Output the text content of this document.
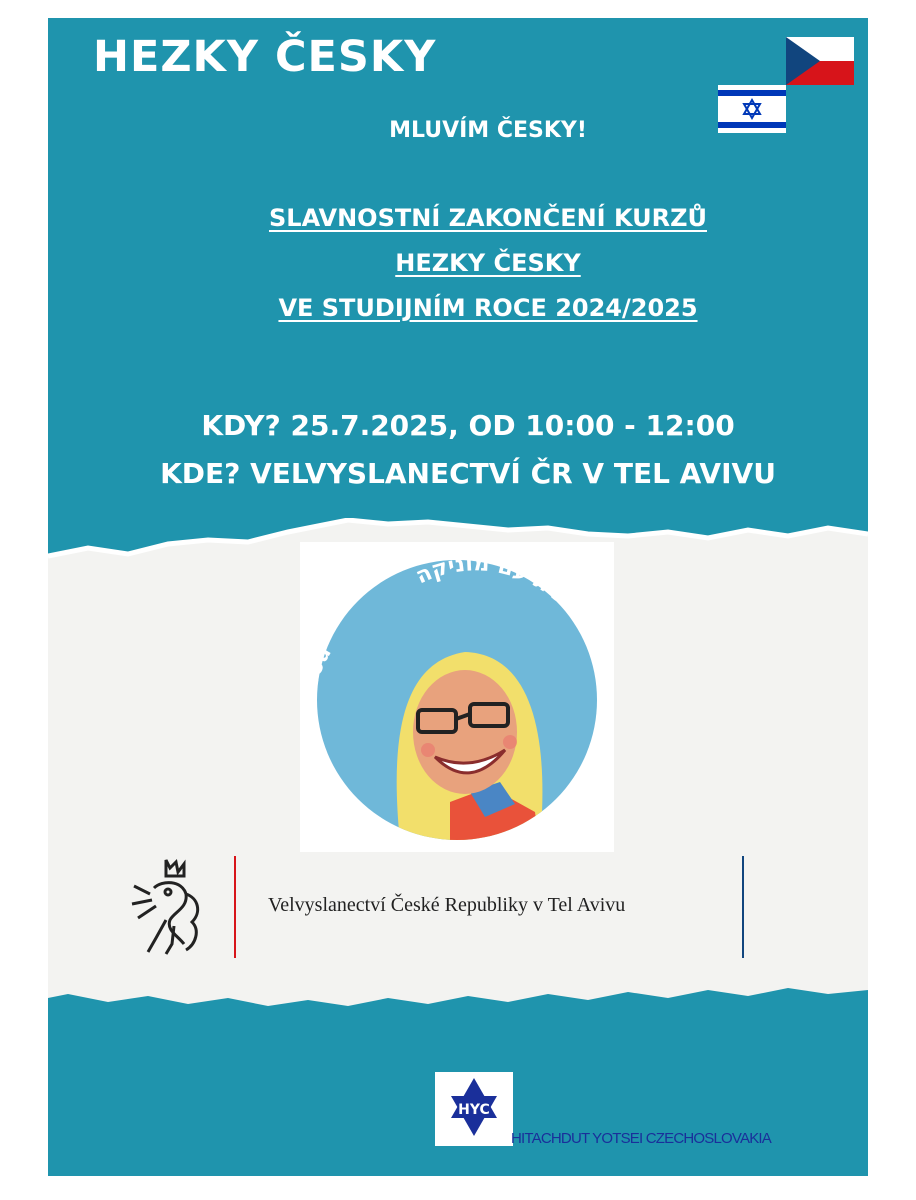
HEZKY ČESKY
MLUVÍM ČESKY!
SLAVNOSTNÍ ZAKONČENÍ KURZŮ
HEZKY ČESKY
VE STUDIJNÍM ROCE 2024/2025
KDY? 25.7.2025, OD 10:00 - 12:00
KDE? VELVYSLANECTVÍ ČR V TEL AVIVU
Česky čou
צ'כית עם מוניקה
Velvyslanectví České Republiky v Tel Avivu
HYC
HITACHDUT YOTSEI CZECHOSLOVAKIA
